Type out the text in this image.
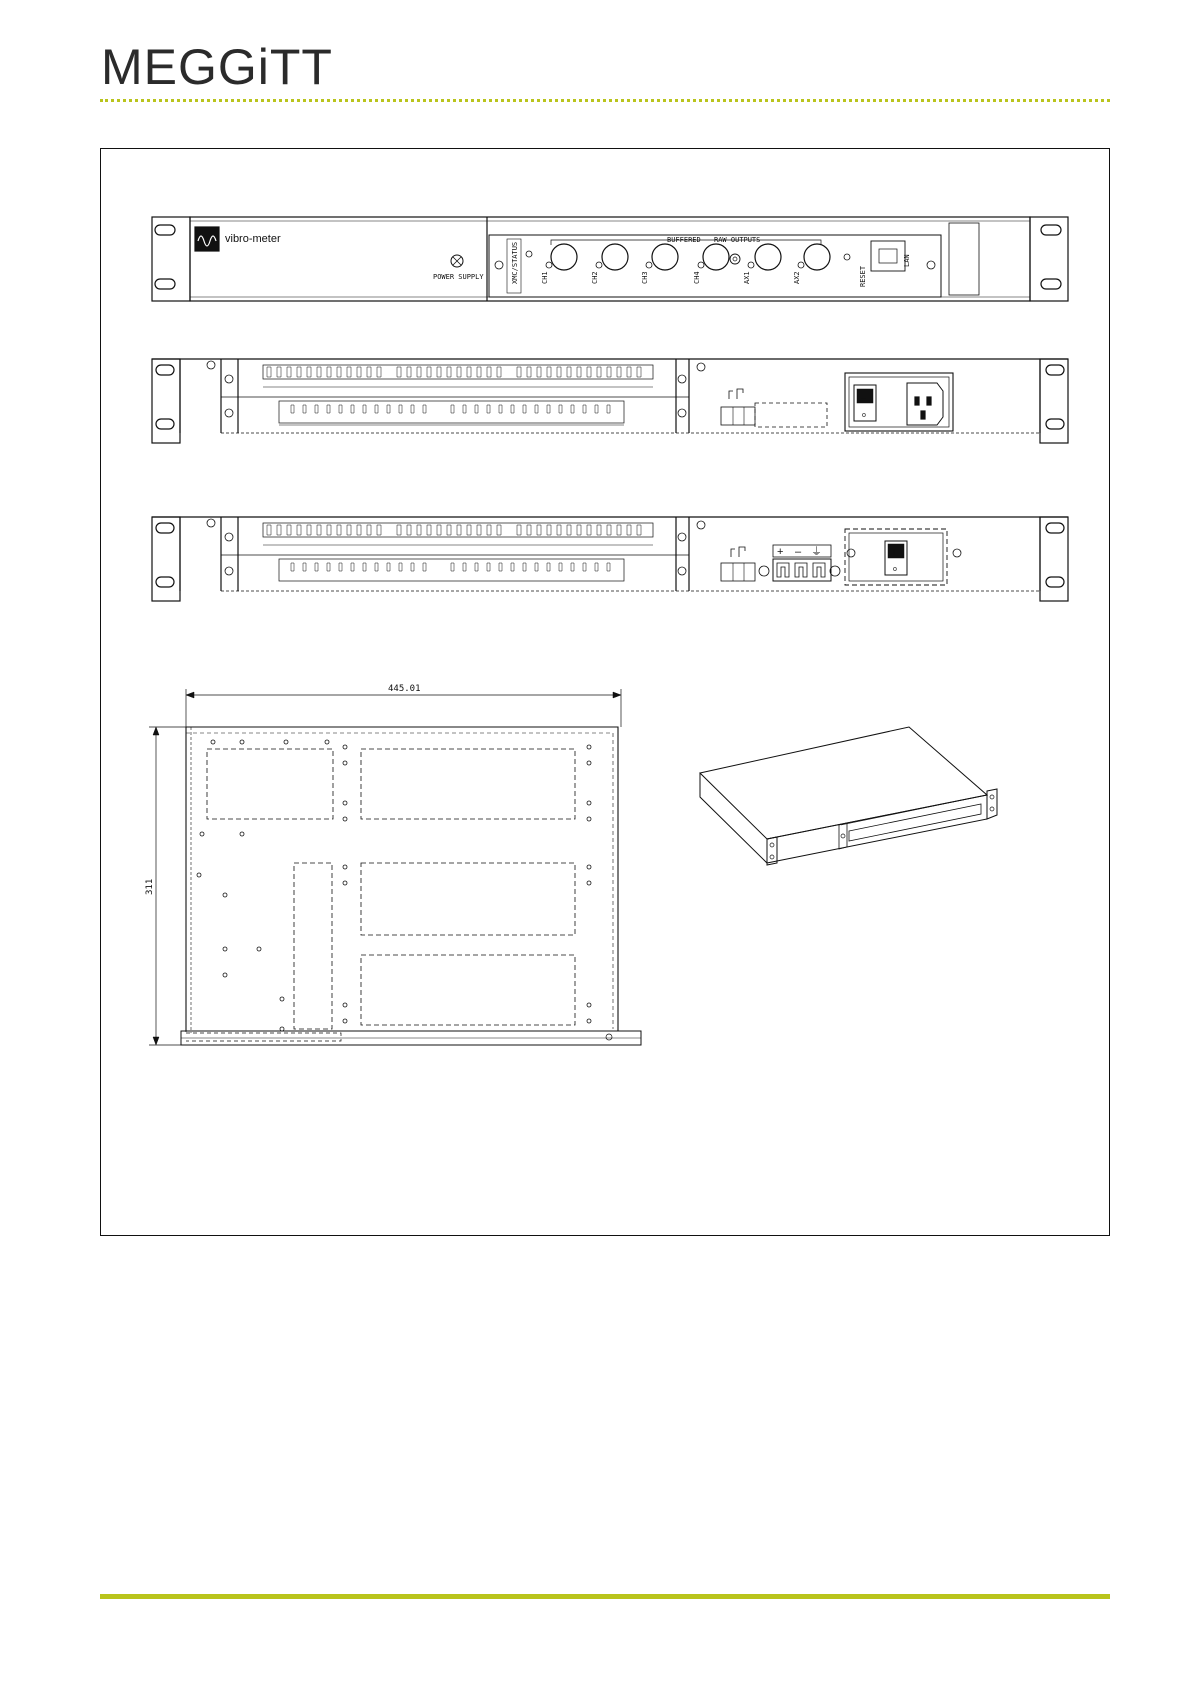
MEGGiTT
vibro-meter
POWER SUPPLY	XMC/STATUS
BUFFERED RAW OUTPUTS
CH1	CH2	CH3	CH4	AX1	AX2	RESET
LAN
–
o
+ – ⏚	I
o
445.01
311
